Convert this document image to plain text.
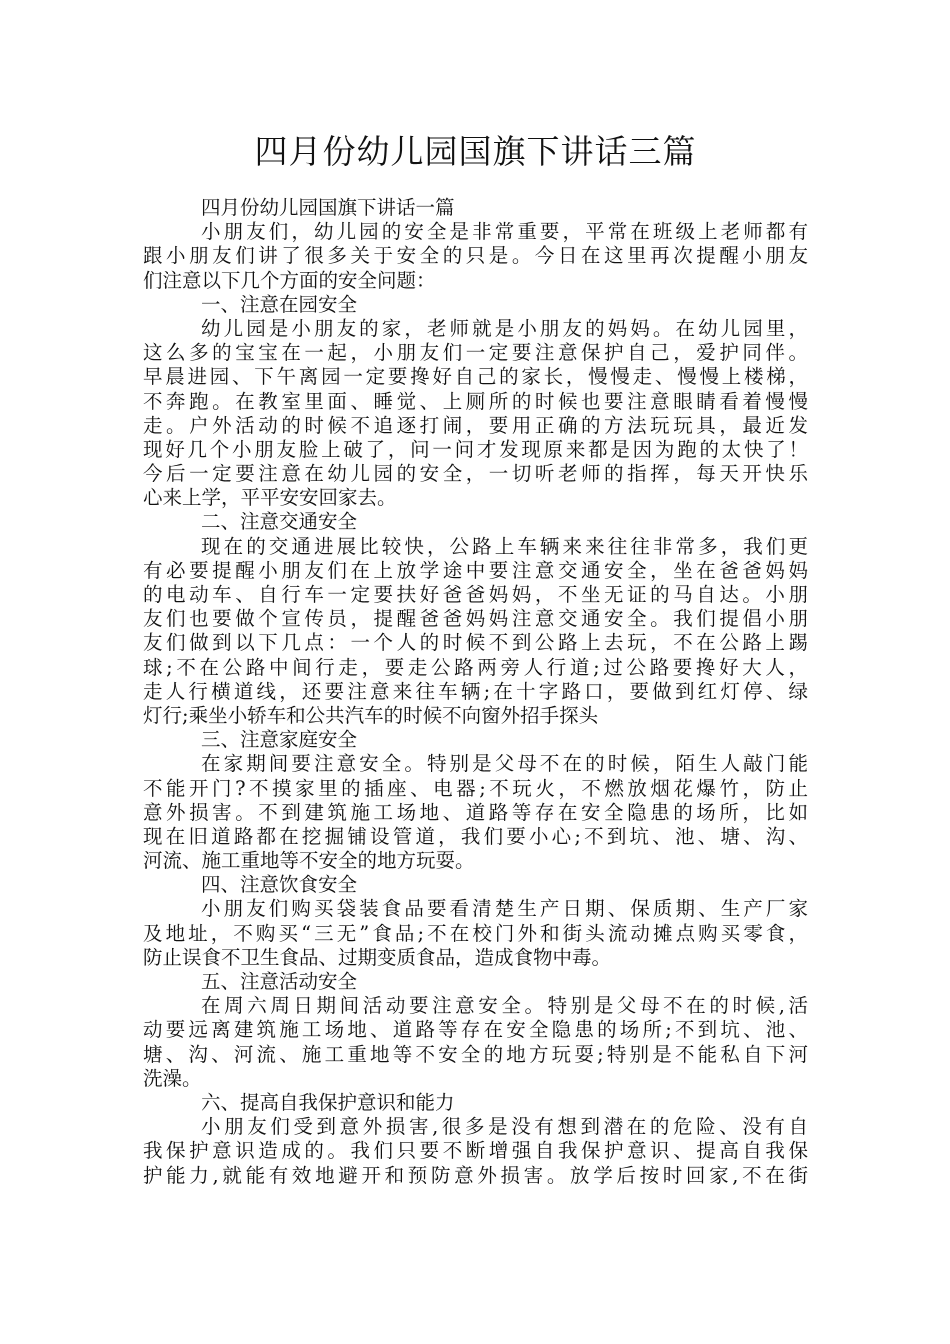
四月份幼儿园国旗下讲话三篇
四月份幼儿园国旗下讲话一篇
小朋友们，幼儿园的安全是非常重要，平常在班级上老师都有
跟小朋友们讲了很多关于安全的只是。今日在这里再次提醒小朋友
们注意以下几个方面的安全问题：
一、注意在园安全
幼儿园是小朋友的家，老师就是小朋友的妈妈。在幼儿园里，
这么多的宝宝在一起，小朋友们一定要注意保护自己，爱护同伴。
早晨进园、下午离园一定要搀好自己的家长，慢慢走、慢慢上楼梯，
不奔跑。在教室里面、睡觉、上厕所的时候也要注意眼睛看着慢慢
走。户外活动的时候不追逐打闹，要用正确的方法玩玩具，最近发
现好几个小朋友脸上破了，问一问才发现原来都是因为跑的太快了！
今后一定要注意在幼儿园的安全，一切听老师的指挥，每天开快乐
心来上学，平平安安回家去。
二、注意交通安全
现在的交通进展比较快，公路上车辆来来往往非常多，我们更
有必要提醒小朋友们在上放学途中要注意交通安全，坐在爸爸妈妈
的电动车、自行车一定要扶好爸爸妈妈，不坐无证的马自达。小朋
友们也要做个宣传员，提醒爸爸妈妈注意交通安全。我们提倡小朋
友们做到以下几点：一个人的时候不到公路上去玩，不在公路上踢
球;不在公路中间行走，要走公路两旁人行道;过公路要搀好大人，
走人行横道线，还要注意来往车辆;在十字路口，要做到红灯停、绿
灯行;乘坐小轿车和公共汽车的时候不向窗外招手探头
三、注意家庭安全
在家期间要注意安全。特别是父母不在的时候，陌生人敲门能
不能开门?不摸家里的插座、电器;不玩火，不燃放烟花爆竹，防止
意外损害。不到建筑施工场地、道路等存在安全隐患的场所，比如
现在旧道路都在挖掘铺设管道，我们要小心;不到坑、池、塘、沟、
河流、施工重地等不安全的地方玩耍。
四、注意饮食安全
小朋友们购买袋装食品要看清楚生产日期、保质期、生产厂家
及地址，不购买“三无”食品;不在校门外和街头流动摊点购买零食，
防止误食不卫生食品、过期变质食品，造成食物中毒。
五、注意活动安全
在周六周日期间活动要注意安全。特别是父母不在的时候,活
动要远离建筑施工场地、道路等存在安全隐患的场所;不到坑、池、
塘、沟、河流、施工重地等不安全的地方玩耍;特别是不能私自下河
洗澡。
六、提高自我保护意识和能力
小朋友们受到意外损害,很多是没有想到潜在的危险、没有自
我保护意识造成的。我们只要不断增强自我保护意识、提高自我保
护能力,就能有效地避开和预防意外损害。放学后按时回家,不在街
